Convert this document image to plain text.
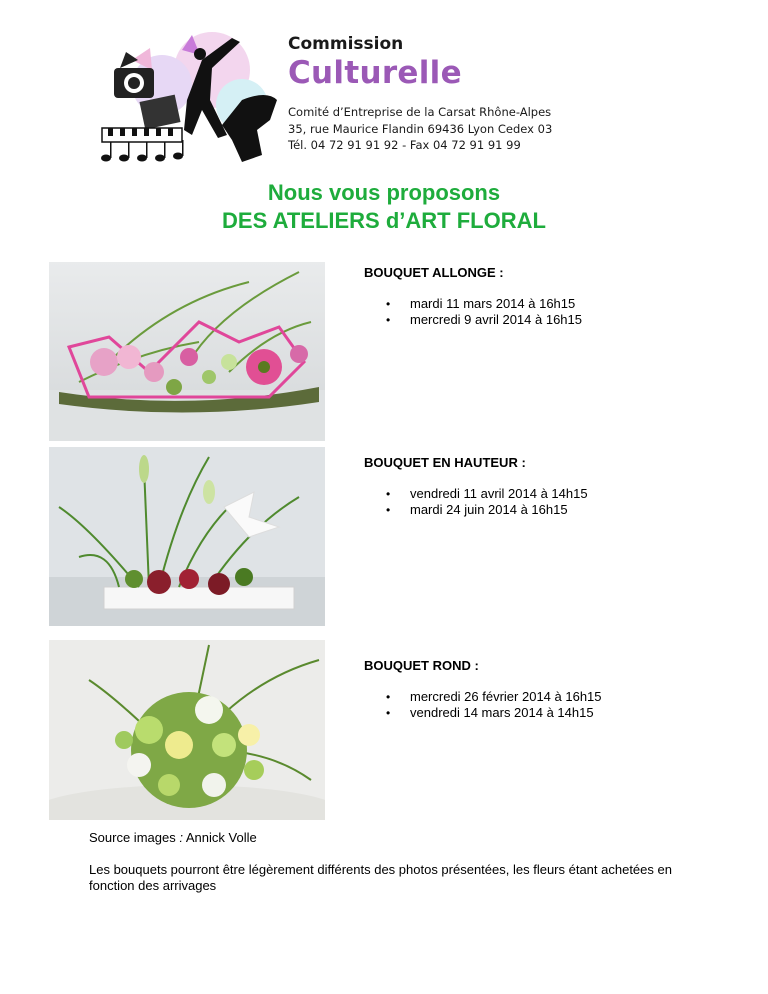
Commission
Culturelle
Comité d’Entreprise de la Carsat Rhône-Alpes
35, rue Maurice Flandin 69436 Lyon Cedex 03
Tél. 04 72 91 91 92 - Fax 04 72 91 91 99
Nous vous proposons
DES ATELIERS d’ART FLORAL
BOUQUET ALLONGE :
• mardi 11 mars 2014 à 16h15
• mercredi 9 avril 2014 à 16h15
BOUQUET EN HAUTEUR :
• vendredi 11 avril 2014 à 14h15
• mardi 24 juin 2014 à 16h15
BOUQUET ROND :
• mercredi 26 février 2014 à 16h15
• vendredi 14 mars 2014 à 14h15
Source images : Annick Volle
Les bouquets pourront être légèrement différents des photos présentées, les fleurs étant achetées en fonction des arrivages
